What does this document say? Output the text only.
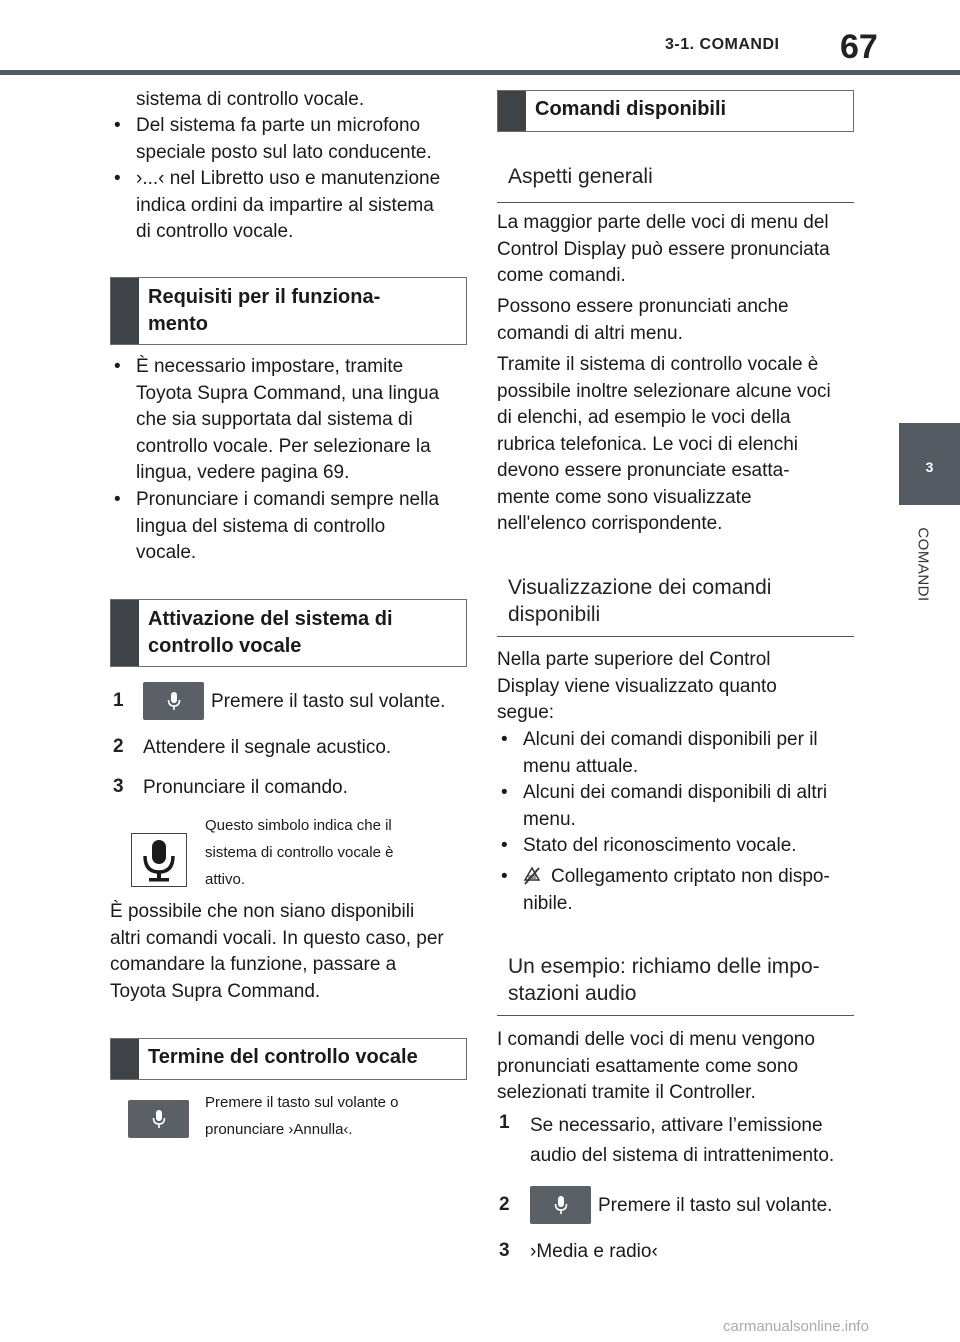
3-1. COMANDI 67
3
COMANDI
sistema di controllo vocale.
• Del sistema fa parte un microfono
speciale posto sul lato conducente.
• ›...‹ nel Libretto uso e manutenzione
indica ordini da impartire al sistema
di controllo vocale.
Requisiti per il funziona-
mento
• È necessario impostare, tramite
Toyota Supra Command, una lingua
che sia supportata dal sistema di
controllo vocale. Per selezionare la
lingua, vedere pagina 69.
• Pronunciare i comandi sempre nella
lingua del sistema di controllo
vocale.
Attivazione del sistema di
controllo vocale
1	Premere il tasto sul volante.
2 Attendere il segnale acustico.
3 Pronunciare il comando.
Questo simbolo indica che il
sistema di controllo vocale è
attivo.
È possibile che non siano disponibili
altri comandi vocali. In questo caso, per
comandare la funzione, passare a
Toyota Supra Command.
Termine del controllo vocale
Premere il tasto sul volante o
pronunciare ›Annulla‹.
Comandi disponibili
Aspetti generali
La maggior parte delle voci di menu del
Control Display può essere pronunciata
come comandi.
Possono essere pronunciati anche
comandi di altri menu.
Tramite il sistema di controllo vocale è
possibile inoltre selezionare alcune voci
di elenchi, ad esempio le voci della
rubrica telefonica. Le voci di elenchi
devono essere pronunciate esatta-
mente come sono visualizzate
nell'elenco corrispondente.
Visualizzazione dei comandi
disponibili
Nella parte superiore del Control
Display viene visualizzato quanto
segue:
• Alcuni dei comandi disponibili per il
menu attuale.
• Alcuni dei comandi disponibili di altri
menu.
• Stato del riconoscimento vocale.
• Collegamento criptato non dispo-
nibile.
Un esempio: richiamo delle impo-
stazioni audio
I comandi delle voci di menu vengono
pronunciati esattamente come sono
selezionati tramite il Controller.
1 Se necessario, attivare l’emissione
audio del sistema di intrattenimento.
2	Premere il tasto sul volante.
3 ›Media e radio‹
carmanualsonline.info
